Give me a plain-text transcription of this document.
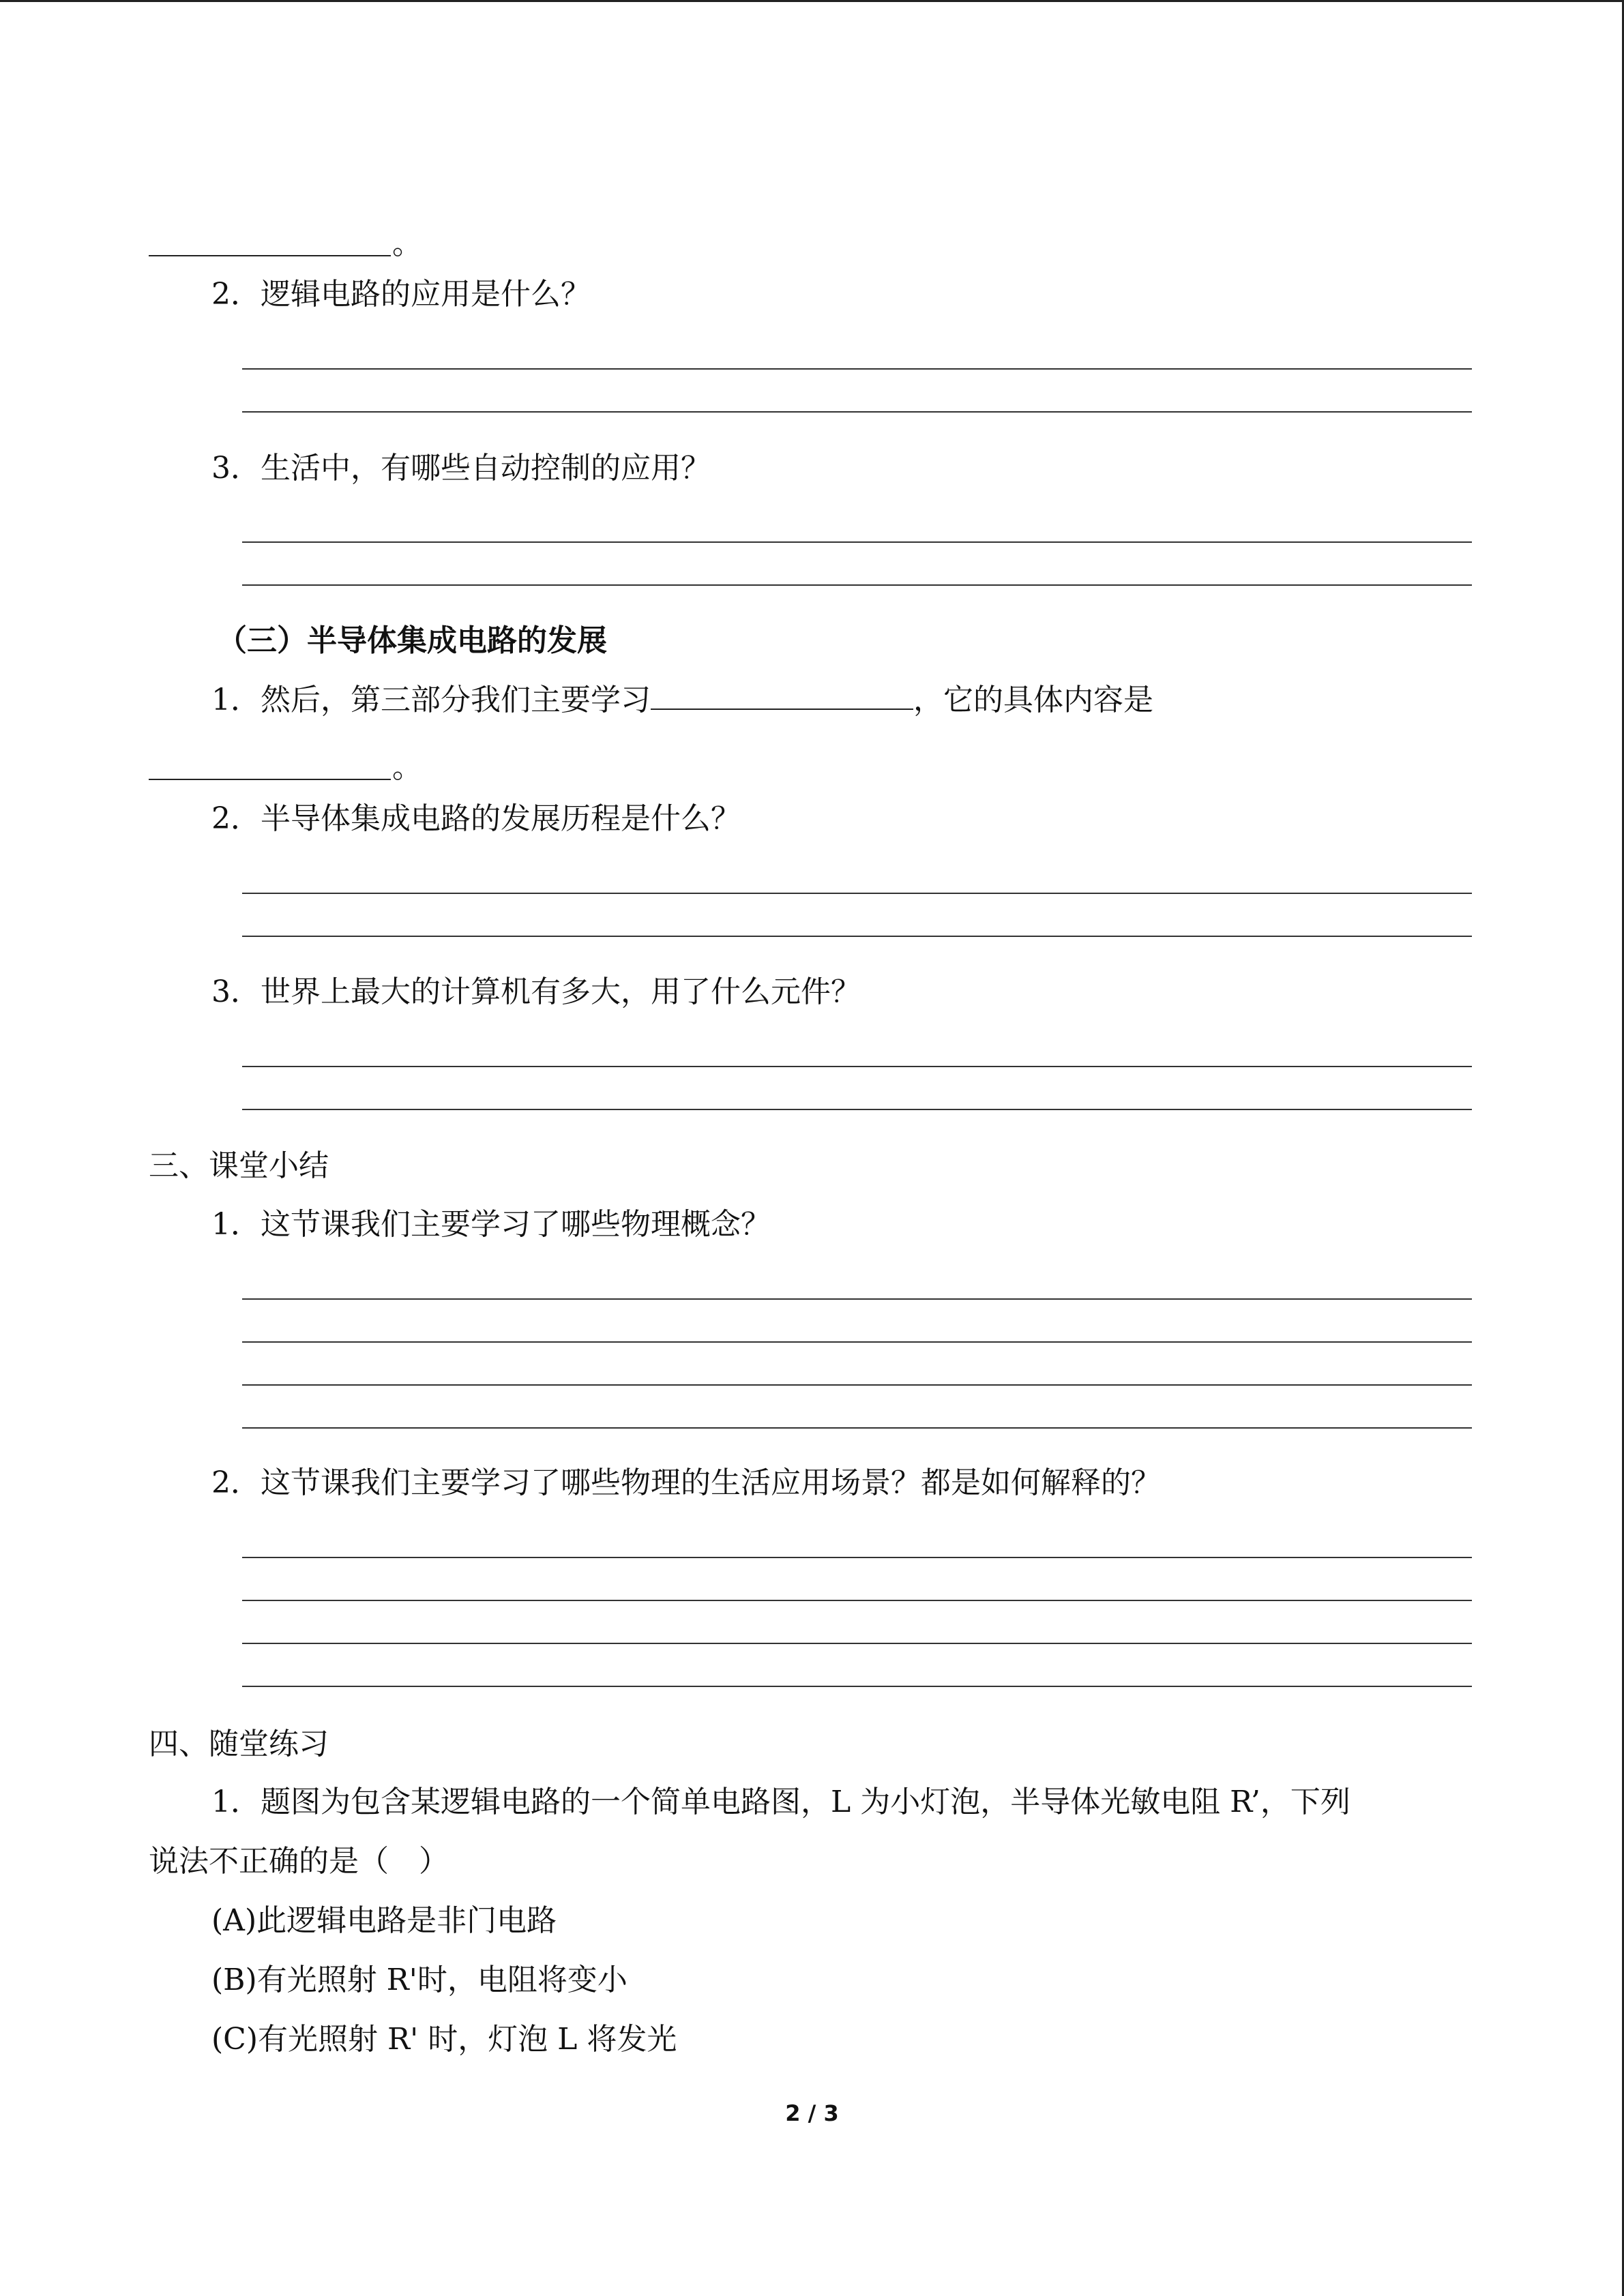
。
2．逻辑电路的应用是什么？
3．生活中，有哪些自动控制的应用？
（三）半导体集成电路的发展
1．然后，第三部分我们主要学习	，它的具体内容是
。
2．半导体集成电路的发展历程是什么？
3．世界上最大的计算机有多大，用了什么元件？
三、课堂小结
1．这节课我们主要学习了哪些物理概念？
2．这节课我们主要学习了哪些物理的生活应用场景？都是如何解释的？
四、随堂练习
1．题图为包含某逻辑电路的一个简单电路图，L 为小灯泡，半导体光敏电阻 R’，下列
说法不正确的是（　）
(A)此逻辑电路是非门电路
(B)有光照射 R'时，电阻将变小
(C)有光照射 R' 时，灯泡 L 将发光
2 / 3
